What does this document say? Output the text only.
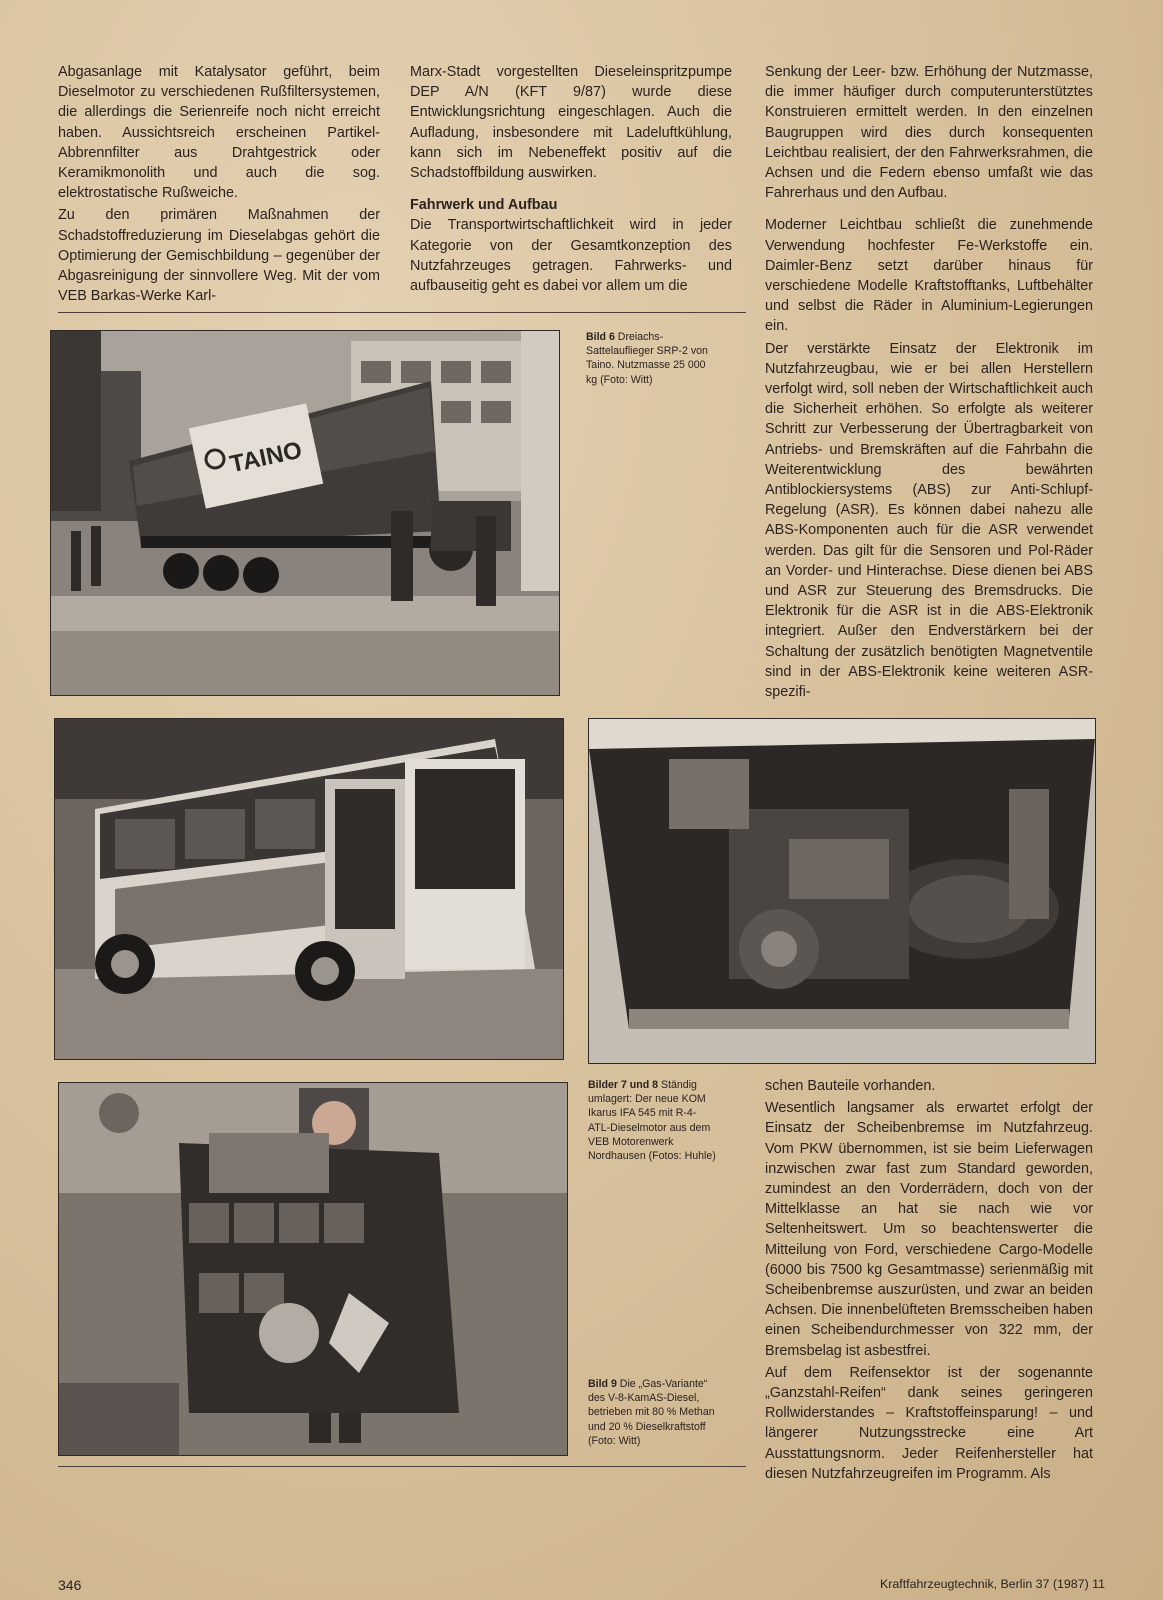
Abgasanlage mit Katalysator geführt, beim Dieselmotor zu verschiedenen Rußfiltersystemen, die allerdings die Serienreife noch nicht erreicht haben. Aussichtsreich erscheinen Partikel-Abbrennfilter aus Drahtgestrick oder Keramikmonolith und auch die sog. elektrostatische Rußweiche.

Zu den primären Maßnahmen der Schadstoffreduzierung im Dieselabgas gehört die Optimierung der Gemischbildung – gegenüber der Abgasreinigung der sinnvollere Weg. Mit der vom VEB Barkas-Werke Karl-

Marx-Stadt vorgestellten Dieseleinspritzpumpe DEP A/N (KFT 9/87) wurde diese Entwicklungsrichtung eingeschlagen. Auch die Aufladung, insbesondere mit Ladeluftkühlung, kann sich im Nebeneffekt positiv auf die Schadstoffbildung auswirken.

Fahrwerk und Aufbau

Die Transportwirtschaftlichkeit wird in jeder Kategorie von der Gesamtkonzeption des Nutzfahrzeuges getragen. Fahrwerks- und aufbauseitig geht es dabei vor allem um die

Senkung der Leer- bzw. Erhöhung der Nutzmasse, die immer häufiger durch computerunterstütztes Konstruieren ermittelt werden. In den einzelnen Baugruppen wird dies durch konsequenten Leichtbau realisiert, der den Fahrwerksrahmen, die Achsen und die Federn ebenso umfaßt wie das Fahrerhaus und den Aufbau.

Moderner Leichtbau schließt die zunehmende Verwendung hochfester Fe-Werkstoffe ein. Daimler-Benz setzt darüber hinaus für verschiedene Modelle Kraftstofftanks, Luftbehälter und selbst die Räder in Aluminium-Legierungen ein.

Der verstärkte Einsatz der Elektronik im Nutzfahrzeugbau, wie er bei allen Herstellern verfolgt wird, soll neben der Wirtschaftlichkeit auch die Sicherheit erhöhen. So erfolgte als weiterer Schritt zur Verbesserung der Übertragbarkeit von Antriebs- und Bremskräften auf die Fahrbahn die Weiterentwicklung des bewährten Antiblockiersystems (ABS) zur Anti-Schlupf-Regelung (ASR). Es können dabei nahezu alle ABS-Komponenten auch für die ASR verwendet werden. Das gilt für die Sensoren und Pol-Räder an Vorder- und Hinterachse. Diese dienen bei ABS und ASR zur Steuerung des Bremsdrucks. Die Elektronik für die ASR ist in die ABS-Elektronik integriert. Außer den Endverstärkern bei der Schaltung der zusätzlich benötigten Magnetventile sind in der ABS-Elektronik keine weiteren ASR-spezifi-

schen Bauteile vorhanden.

Wesentlich langsamer als erwartet erfolgt der Einsatz der Scheibenbremse im Nutzfahrzeug. Vom PKW übernommen, ist sie beim Lieferwagen inzwischen zwar fast zum Standard geworden, zumindest an den Vorderrädern, doch von der Mittelklasse an hat sie nach wie vor Seltenheitswert. Um so beachtenswerter die Mitteilung von Ford, verschiedene Cargo-Modelle (6000 bis 7500 kg Gesamtmasse) serienmäßig mit Scheibenbremse auszurüsten, und zwar an beiden Achsen. Die innenbelüfteten Bremsscheiben haben einen Scheibendurchmesser von 322 mm, der Bremsbelag ist asbestfrei.

Auf dem Reifensektor ist der sogenannte „Ganzstahl-Reifen“ dank seines geringeren Rollwiderstandes – Kraftstoffeinsparung! – und längerer Nutzungsstrecke eine Art Ausstattungsnorm. Jeder Reifenhersteller hat diesen Nutzfahrzeugreifen im Programm. Als

TAINO
Bild 6 Dreiachs-Sattelauflieger SRP-2 von Taino. Nutzmasse 25 000 kg (Foto: Witt)
Bilder 7 und 8 Ständig umlagert: Der neue KOM Ikarus IFA 545 mit R-4-ATL-Dieselmotor aus dem VEB Motorenwerk Nordhausen (Fotos: Huhle)
Bild 9 Die „Gas-Variante“ des V-8-KamAS-Diesel, betrieben mit 80 % Methan und 20 % Dieselkraftstoff (Foto: Witt)
346	Kraftfahrzeugtechnik, Berlin 37 (1987) 11
